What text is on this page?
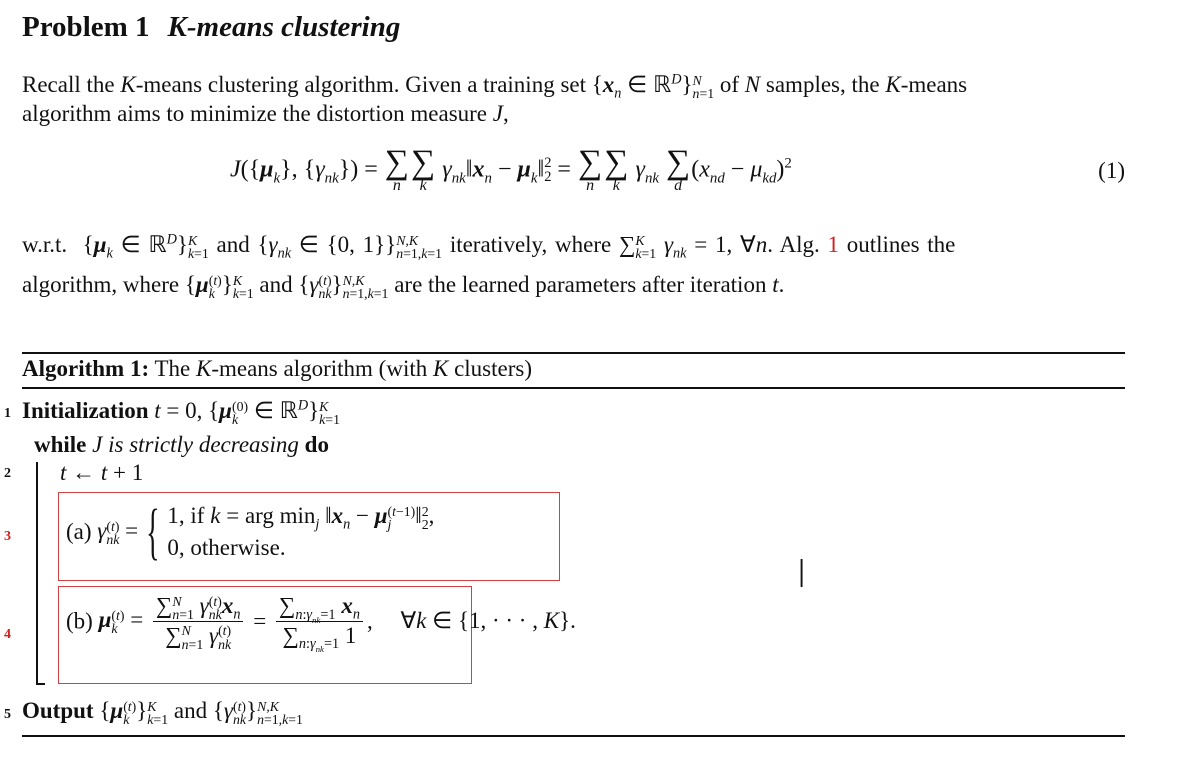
Problem 1 K-means clustering
Recall the K-means clustering algorithm. Given a training set {$x_n$ ∈ ℝ$^D$} N
n=1 of N samples, the K-means
algorithm aims to minimize the distortion measure J,
$J(\{\mu_k\}$, $\{\gamma_{nk}\}$) = ∑
n
∑
k
$\gamma_{nk}‖x_n$ − $\mu_k‖$ 2
2 = ∑
n
∑
k
$\gamma_{nk}$ ∑
d
$(x_{nd} - \mu_{kd})^2$	(1)
w.r.t.  {$\mu_k$ ∈ ℝ$^D$} K
k=1 and {$\gamma_{nk}$ ∈ {0, 1}} N,K
n=1,k=1 iteratively, where ∑ K
k=1 $\gamma_{nk} = 1$, ∀n. Alg. 1 outlines the
algorithm, where {μ (t)
k } K
k=1 and {γ (t)
nk } N,K
n=1,k=1 are the learned parameters after iteration t.
Algorithm 1: The K-means algorithm (with K clusters)
1 Initialization t = 0, {μ (0)
k ∈ ℝ$^D$} K
k=1
while J is strictly decreasing do
2 t ← t + 1
3 (a) γ (t)
nk = { 1, if k = arg $\min_j$ $‖x_n - \mu$ (t−1)
j	‖ 2
2 ,
0, otherwise.
4
(b) μ (t)
k = ∑ N
n=1 γ (t)
nk $x_n$
∑ N
n=1 γ (t)
nk = $\frac{\sum_{n:\gamma_{nk}=1} x_n}{\sum_{n:\gamma_{nk}=1} 1}$ , ∀k ∈ {1, · · · , K}.
5 Output {μ (t)
k } K
k=1 and {γ (t)
nk } N,K
n=1,k=1
I
